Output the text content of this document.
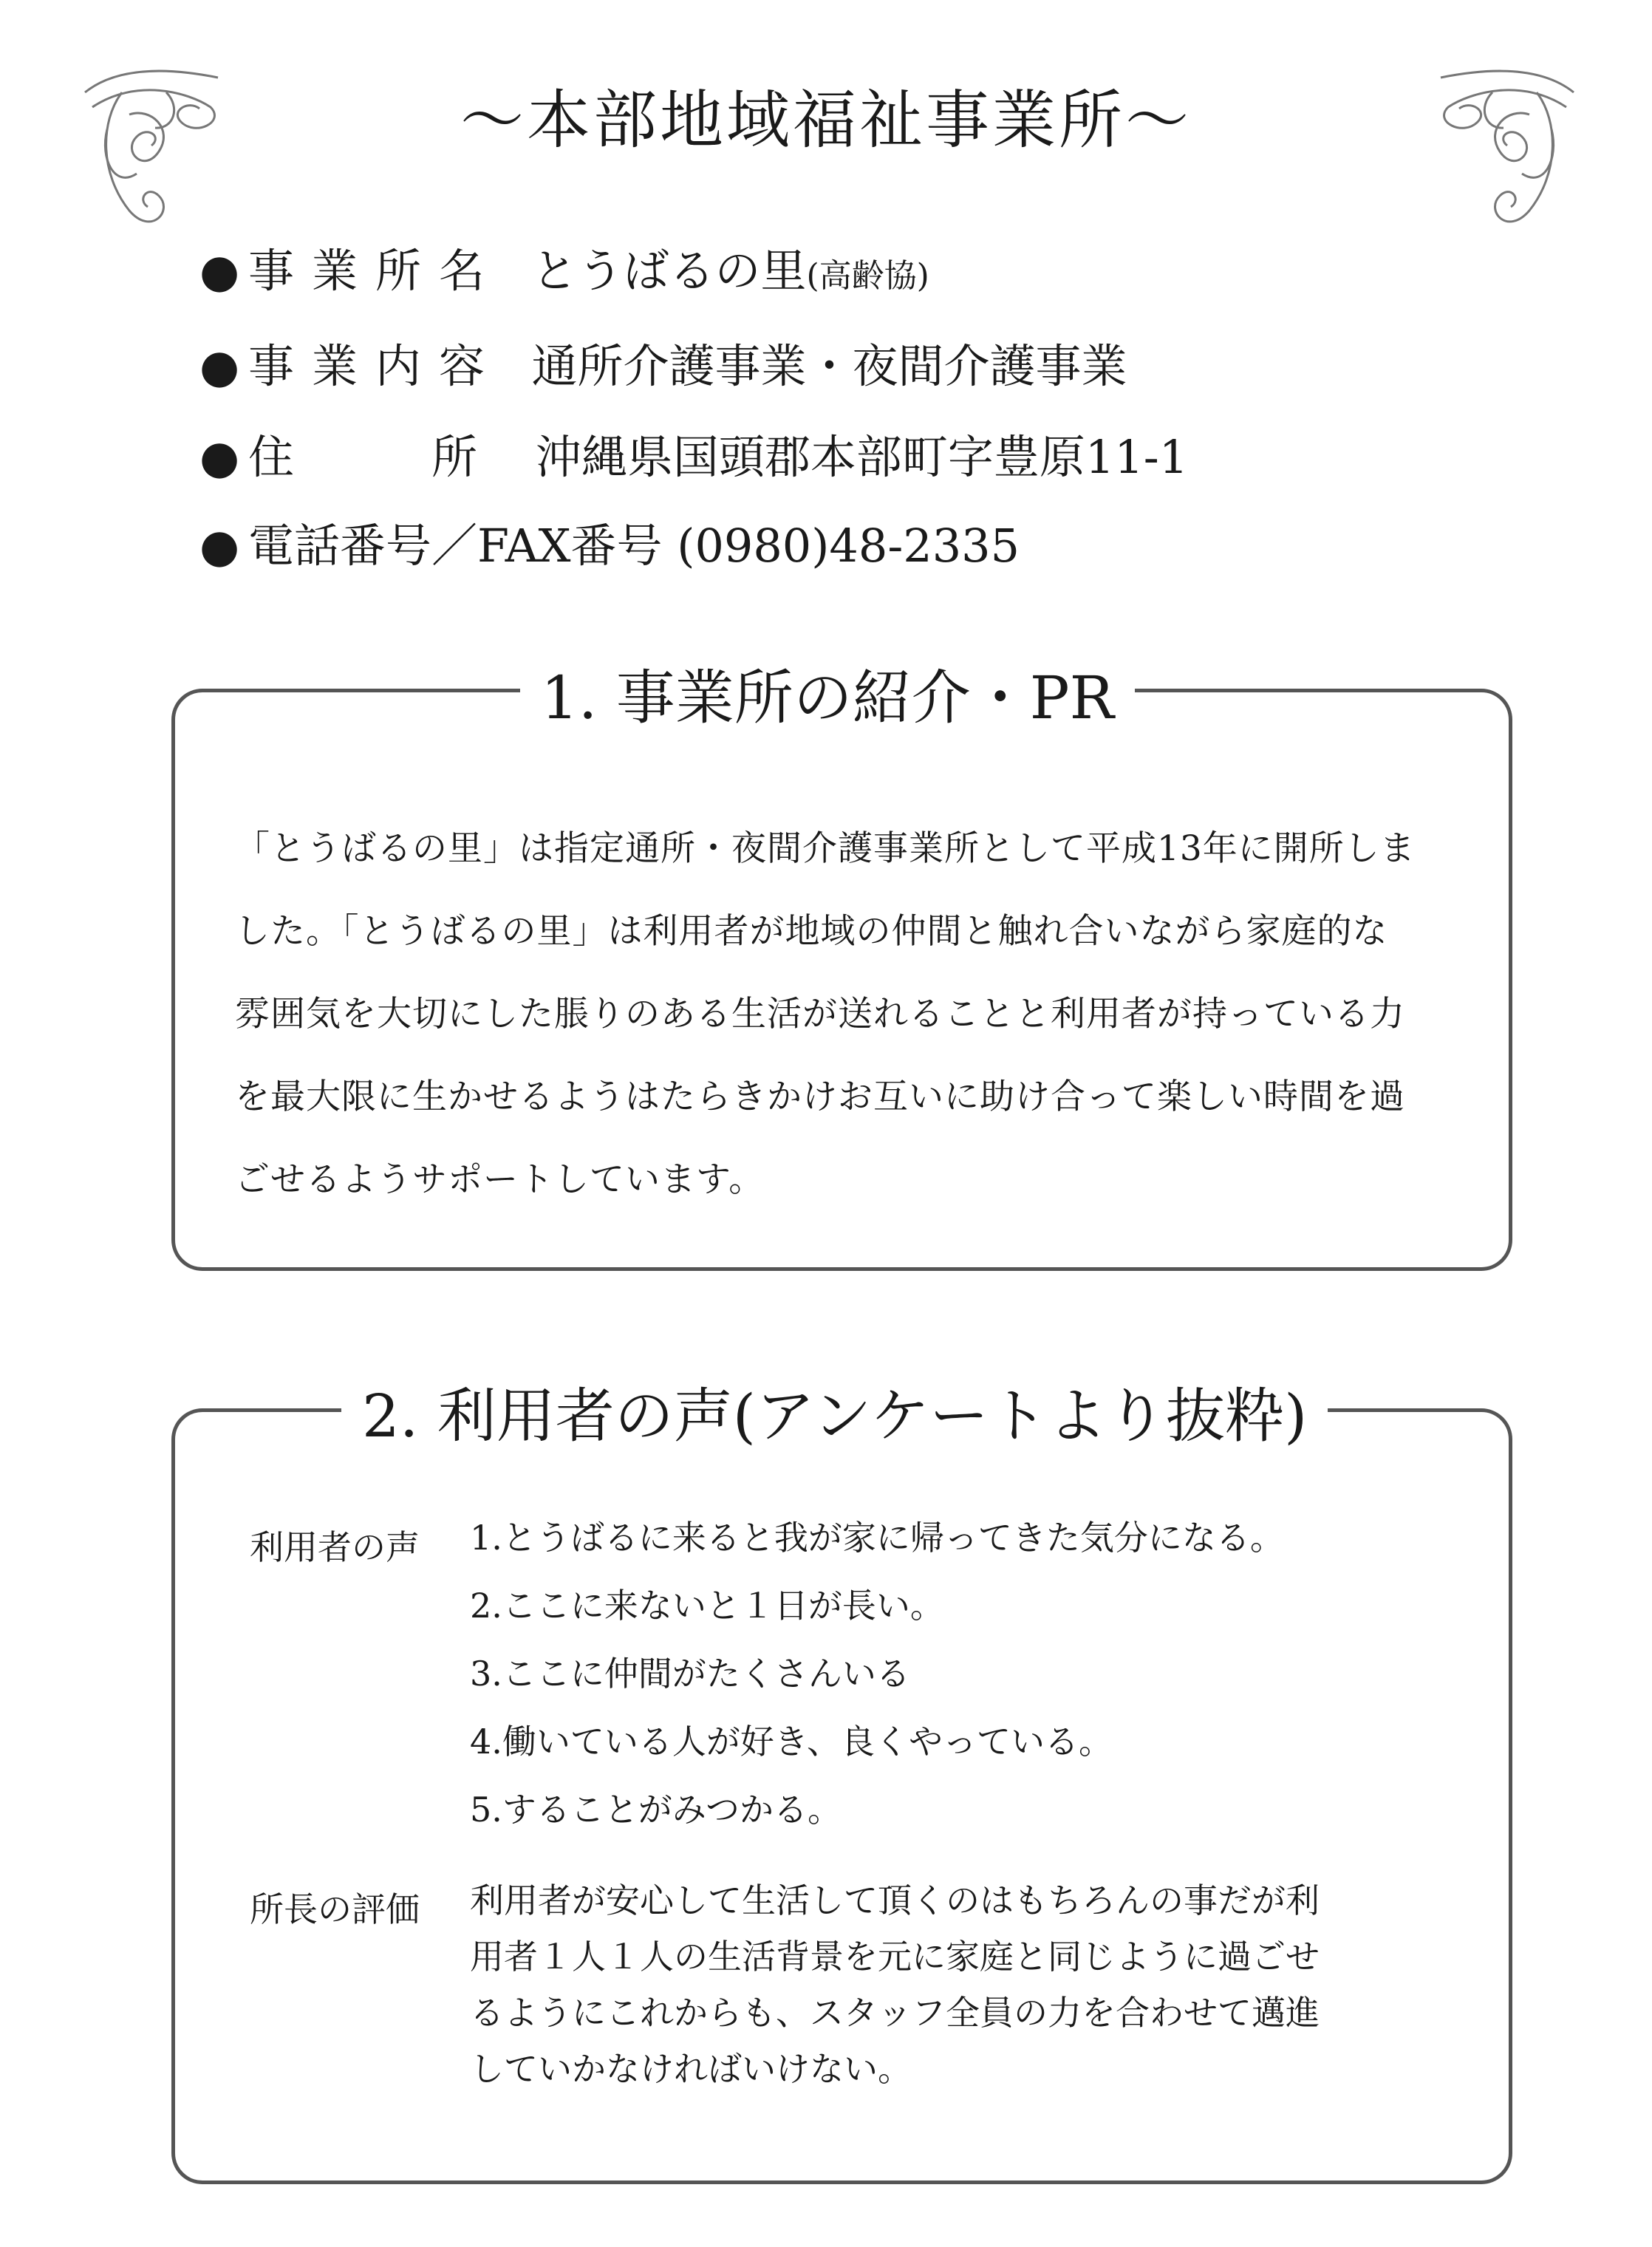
～本部地域福祉事業所～
● 事業所名 とうばるの里(高齢協)
● 事業内容 通所介護事業・夜間介護事業
● 住　　　所 沖縄県国頭郡本部町字豊原11-1
● 電話番号／FAX番号 (0980)48-2335
1. 事業所の紹介・PR

「とうばるの里」は指定通所・夜間介護事業所として平成13年に開所しま

した。「とうばるの里」は利用者が地域の仲間と触れ合いながら家庭的な

雰囲気を大切にした脹りのある生活が送れることと利用者が持っている力

を最大限に生かせるようはたらきかけお互いに助け合って楽しい時間を過

ごせるようサポートしています。

2. 利用者の声(アンケートより抜粋)
利用者の声 1.とうばるに来ると我が家に帰ってきた気分になる。
2.ここに来ないと１日が長い。
3.ここに仲間がたくさんいる
4.働いている人が好き、良くやっている。
5.することがみつかる。
所長の評価 利用者が安心して生活して頂くのはもちろんの事だが利

用者１人１人の生活背景を元に家庭と同じように過ごせ

るようにこれからも、スタッフ全員の力を合わせて邁進

していかなければいけない。
